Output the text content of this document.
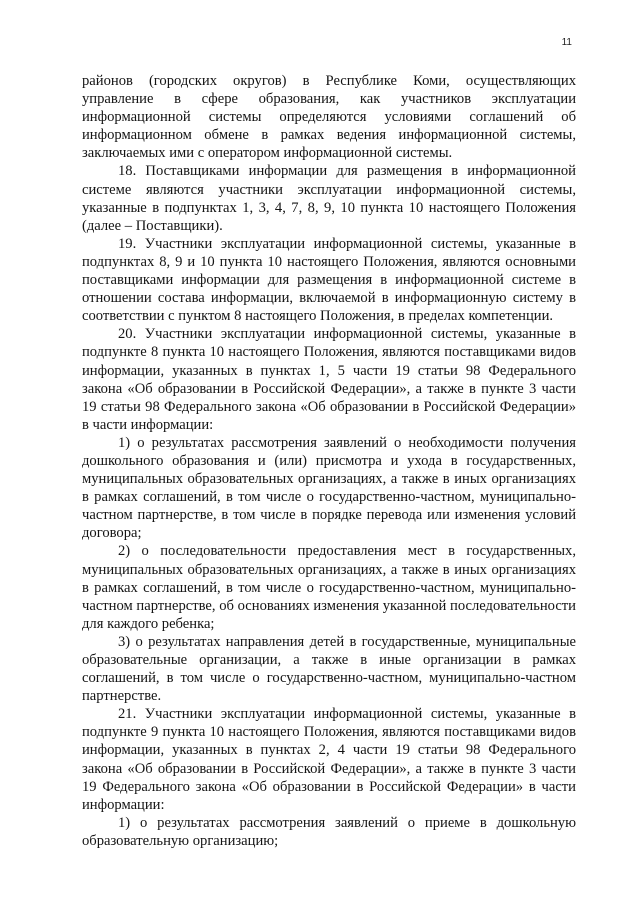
11

районов (городских округов) в Республике Коми, осуществляющих управление в сфере образования, как участников эксплуатации информационной системы определяются условиями соглашений об информационном обмене в рамках ведения информационной системы, заключаемых ими с оператором информационной системы.

18. Поставщиками информации для размещения в информационной системе являются участники эксплуатации информационной системы, указанные в подпунктах 1, 3, 4, 7, 8, 9, 10 пункта 10 настоящего Положения (далее – Поставщики).

19. Участники эксплуатации информационной системы, указанные в подпунктах 8, 9 и 10 пункта 10 настоящего Положения, являются основными поставщиками информации для размещения в информационной системе в отношении состава информации, включаемой в информационную систему в соответствии с пунктом 8 настоящего Положения, в пределах компетенции.

20. Участники эксплуатации информационной системы, указанные в подпункте 8 пункта 10 настоящего Положения, являются поставщиками видов информации, указанных в пунктах 1, 5 части 19 статьи 98 Федерального закона «Об образовании в Российской Федерации», а также в пункте 3 части 19 статьи 98 Федерального закона «Об образовании в Российской Федерации» в части информации:

1) о результатах рассмотрения заявлений о необходимости получения дошкольного образования и (или) присмотра и ухода в государственных, муниципальных образовательных организациях, а также в иных организациях в рамках соглашений, в том числе о государственно-частном, муниципально-частном партнерстве, в том числе в порядке перевода или изменения условий договора;

2) о последовательности предоставления мест в государственных, муниципальных образовательных организациях, а также в иных организациях в рамках соглашений, в том числе о государственно-частном, муниципально-частном партнерстве, об основаниях изменения указанной последовательности для каждого ребенка;

3) о результатах направления детей в государственные, муниципальные образовательные организации, а также в иные организации в рамках соглашений, в том числе о государственно-частном, муниципально-частном партнерстве.

21. Участники эксплуатации информационной системы, указанные в подпункте 9 пункта 10 настоящего Положения, являются поставщиками видов информации, указанных в пунктах 2, 4 части 19 статьи 98 Федерального закона «Об образовании в Российской Федерации», а также в пункте 3 части 19 Федерального закона «Об образовании в Российской Федерации» в части информации:

1) о результатах рассмотрения заявлений о приеме в дошкольную образовательную организацию;
